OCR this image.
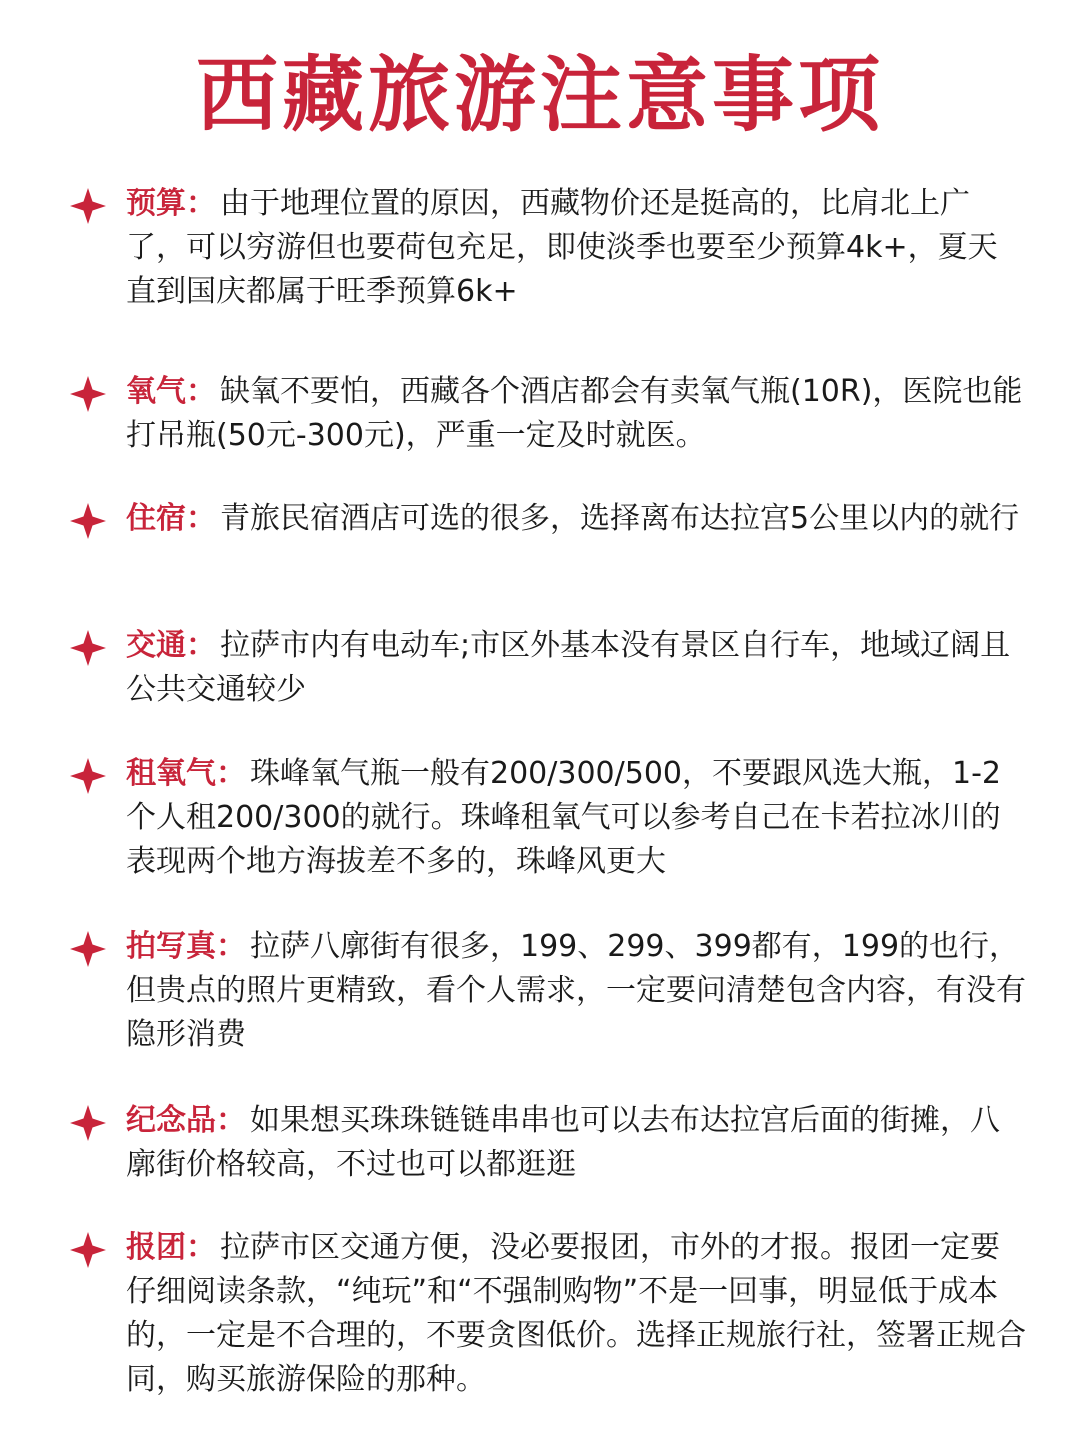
西藏旅游注意事项

预算： 由于地理位置的原因，西藏物价还是挺高的，比肩北上广了，可以穷游但也要荷包充足，即使淡季也要至少预算4k+，夏天直到国庆都属于旺季预算6k+

氧气： 缺氧不要怕，西藏各个酒店都会有卖氧气瓶(10R)，医院也能打吊瓶(50元-300元)，严重一定及时就医。

住宿： 青旅民宿酒店可选的很多，选择离布达拉宫5公里以内的就行

交通： 拉萨市内有电动车;市区外基本没有景区自行车，地域辽阔且公共交通较少

租氧气： 珠峰氧气瓶一般有200/300/500，不要跟风选大瓶，1-2个人租200/300的就行。珠峰租氧气可以参考自己在卡若拉冰川的表现两个地方海拔差不多的，珠峰风更大

拍写真： 拉萨八廓街有很多，199、299、399都有，199的也行，但贵点的照片更精致，看个人需求，一定要问清楚包含内容，有没有隐形消费

纪念品： 如果想买珠珠链链串串也可以去布达拉宫后面的街摊，八廓街价格较高，不过也可以都逛逛

报团： 拉萨市区交通方便，没必要报团，市外的才报。报团一定要仔细阅读条款，“纯玩”和“不强制购物”不是一回事，明显低于成本的，一定是不合理的，不要贪图低价。选择正规旅行社，签署正规合同，购买旅游保险的那种。
